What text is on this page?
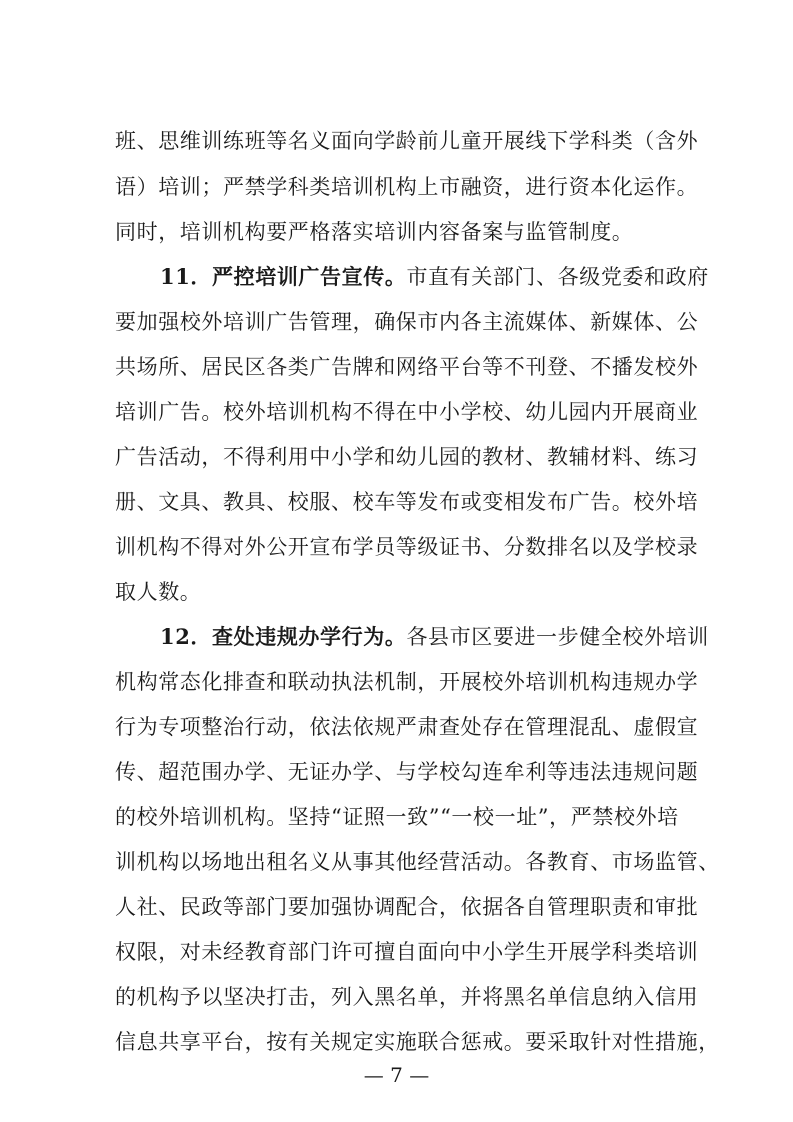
班、思维训练班等名义面向学龄前儿童开展线下学科类（含外
语）培训；严禁学科类培训机构上市融资，进行资本化运作。
同时，培训机构要严格落实培训内容备案与监管制度。
11．严控培训广告宣传。市直有关部门、各级党委和政府
要加强校外培训广告管理，确保市内各主流媒体、新媒体、公
共场所、居民区各类广告牌和网络平台等不刊登、不播发校外
培训广告。校外培训机构不得在中小学校、幼儿园内开展商业
广告活动，不得利用中小学和幼儿园的教材、教辅材料、练习
册、文具、教具、校服、校车等发布或变相发布广告。校外培
训机构不得对外公开宣布学员等级证书、分数排名以及学校录
取人数。
12．查处违规办学行为。各县市区要进一步健全校外培训
机构常态化排查和联动执法机制，开展校外培训机构违规办学
行为专项整治行动，依法依规严肃查处存在管理混乱、虚假宣
传、超范围办学、无证办学、与学校勾连牟利等违法违规问题
的校外培训机构。坚持“证照一致”“一校一址”，严禁校外培
训机构以场地出租名义从事其他经营活动。各教育、市场监管、
人社、民政等部门要加强协调配合，依据各自管理职责和审批
权限，对未经教育部门许可擅自面向中小学生开展学科类培训
的机构予以坚决打击，列入黑名单，并将黑名单信息纳入信用
信息共享平台，按有关规定实施联合惩戒。要采取针对性措施，
— 7 —
